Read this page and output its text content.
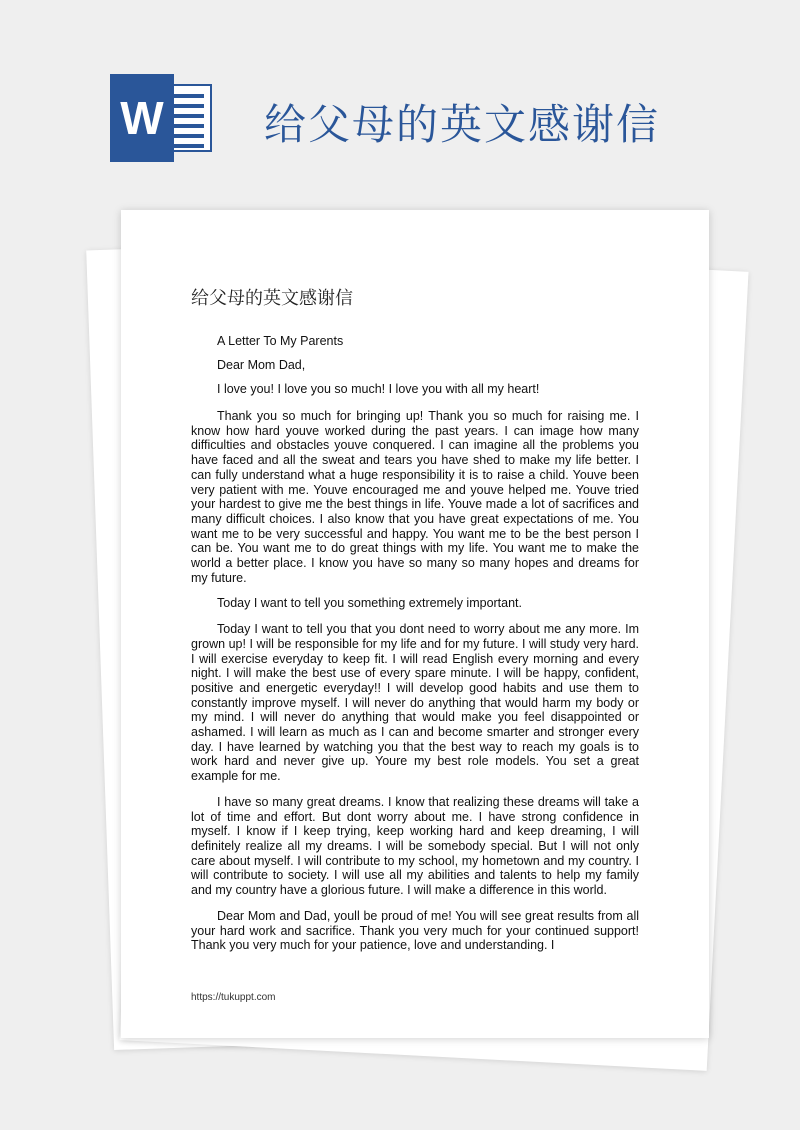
W 给父母的英文感谢信
给父母的英文感谢信
A Letter To My Parents
Dear Mom Dad,
I love you! I love you so much! I love you with all my heart!

Thank you so much for bringing up! Thank you so much for raising me. I know how hard youve worked during the past years. I can image how many difficulties and obstacles youve conquered. I can imagine all the problems you have faced and all the sweat and tears you have shed to make my life better. I can fully understand what a huge responsibility it is to raise a child. Youve been very patient with me. Youve encouraged me and youve helped me. Youve tried your hardest to give me the best things in life. Youve made a lot of sacrifices and many difficult choices. I also know that you have great expectations of me. You want me to be very successful and happy. You want me to be the best person I can be. You want me to do great things with my life. You want me to make the world a better place. I know you have so many so many hopes and dreams for my future.

Today I want to tell you something extremely important.

Today I want to tell you that you dont need to worry about me any more. Im grown up! I will be responsible for my life and for my future. I will study very hard. I will exercise everyday to keep fit. I will read English every morning and every night. I will make the best use of every spare minute. I will be happy, confident, positive and energetic everyday!! I will develop good habits and use them to constantly improve myself. I will never do anything that would harm my body or my mind. I will never do anything that would make you feel disappointed or ashamed. I will learn as much as I can and become smarter and stronger every day. I have learned by watching you that the best way to reach my goals is to work hard and never give up. Youre my best role models. You set a great example for me.

I have so many great dreams. I know that realizing these dreams will take a lot of time and effort. But dont worry about me. I have strong confidence in myself. I know if I keep trying, keep working hard and keep dreaming, I will definitely realize all my dreams. I will be somebody special. But I will not only care about myself. I will contribute to my school, my hometown and my country. I will contribute to society. I will use all my abilities and talents to help my family and my country have a glorious future. I will make a difference in this world.

Dear Mom and Dad, youll be proud of me! You will see great results from all your hard work and sacrifice. Thank you very much for your continued support! Thank you very much for your patience, love and understanding. I

https://tukuppt.com
